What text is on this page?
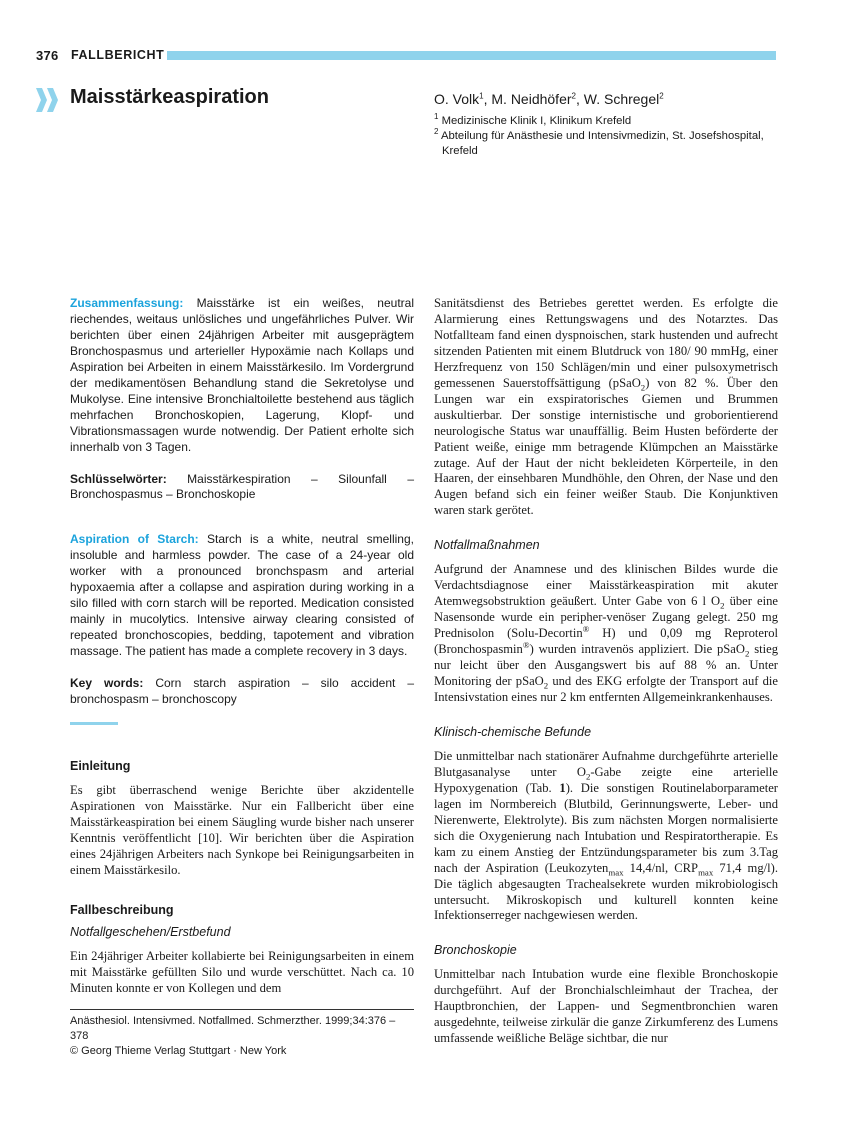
376 FALLBERICHT
Maisstärkeaspiration	O. Volk$^1$, M. Neidhöfer$^2$, W. Schregel$^2$
$^1$ Medizinische Klinik I, Klinikum Krefeld
$^2$ Abteilung für Anästhesie und Intensivmedizin, St. Josefshospital, Krefeld

Zusammenfassung: Maisstärke ist ein weißes, neutral riechendes, weitaus unlösliches und ungefährliches Pulver. Wir berichten über einen 24jährigen Arbeiter mit ausgeprägtem Bronchospasmus und arterieller Hypoxämie nach Kollaps und Aspiration bei Arbeiten in einem Maisstärkesilo. Im Vordergrund der medikamentösen Behandlung stand die Sekretolyse und Mukolyse. Eine intensive Bronchialtoilette bestehend aus täglich mehrfachen Bronchoskopien, Lagerung, Klopf- und Vibrationsmassagen wurde notwendig. Der Patient erholte sich innerhalb von 3 Tagen.

Schlüsselwörter: Maisstärkespiration – Silounfall – Bronchospasmus – Bronchoskopie

Aspiration of Starch: Starch is a white, neutral smelling, insoluble and harmless powder. The case of a 24-year old worker with a pronounced bronchspasm and arterial hypoxaemia after a collapse and aspiration during working in a silo filled with corn starch will be reported. Medication consisted mainly in mucolytics. Intensive airway clearing consisted of repeated bronchoscopies, bedding, tapotement and vibration massage. The patient has made a complete recovery in 3 days.

Key words: Corn starch aspiration – silo accident – bronchospasm – bronchoscopy

Einleitung

Es gibt überraschend wenige Berichte über akzidentelle Aspirationen von Maisstärke. Nur ein Fallbericht über eine Maisstärkeaspiration bei einem Säugling wurde bisher nach unserer Kenntnis veröffentlicht [10]. Wir berichten über die Aspiration eines 24jährigen Arbeiters nach Synkope bei Reinigungsarbeiten in einem Maisstärkesilo.

Fallbeschreibung

Notfallgeschehen/Erstbefund

Ein 24jähriger Arbeiter kollabierte bei Reinigungsarbeiten in einem mit Maisstärke gefüllten Silo und wurde verschüttet. Nach ca. 10 Minuten konnte er von Kollegen und dem

Sanitätsdienst des Betriebes gerettet werden. Es erfolgte die Alarmierung eines Rettungswagens und des Notarztes. Das Notfallteam fand einen dyspnoischen, stark hustenden und aufrecht sitzenden Patienten mit einem Blutdruck von 180/ 90 mmHg, einer Herzfrequenz von 150 Schlägen/min und einer pulsoxymetrisch gemessenen Sauerstoffsättigung (pSaO$_2$) von 82 %. Über den Lungen war ein exspiratorisches Giemen und Brummen auskultierbar. Der sonstige internistische und groborientierend neurologische Status war unauffällig. Beim Husten beförderte der Patient weiße, einige mm betragende Klümpchen an Maisstärke zutage. Auf der Haut der nicht bekleideten Körperteile, in den Haaren, der einsehbaren Mundhöhle, den Ohren, der Nase und den Augen befand sich ein feiner weißer Staub. Die Konjunktiven waren stark gerötet.

Notfallmaßnahmen

Aufgrund der Anamnese und des klinischen Bildes wurde die Verdachtsdiagnose einer Maisstärkeaspiration mit akuter Atemwegsobstruktion geäußert. Unter Gabe von 6 l $O_2$ über eine Nasensonde wurde ein peripher-venöser Zugang gelegt. 250 mg Prednisolon (Solu-Decortin® H) und 0,09 mg Reproterol (Bronchospasmin®) wurden intravenös appliziert. Die pSaO$_2$ stieg nur leicht über den Ausgangswert bis auf 88 % an. Unter Monitoring der pSaO$_2$ und des EKG erfolgte der Transport auf die Intensivstation eines nur 2 km entfernten Allgemeinkrankenhauses.

Klinisch-chemische Befunde

Die unmittelbar nach stationärer Aufnahme durchgeführte arterielle Blutgasanalyse unter $O_2$-Gabe zeigte eine arterielle Hypoxygenation (Tab. 1). Die sonstigen Routinelaborparameter lagen im Normbereich (Blutbild, Gerinnungswerte, Leber- und Nierenwerte, Elektrolyte). Bis zum nächsten Morgen normalisierte sich die Oxygenierung nach Intubation und Respiratortherapie. Es kam zu einem Anstieg der Entzündungsparameter bis zum 3.Tag nach der Aspiration (Leukozyten$_{max}$ 14,4/nl, $CRP_{max}$ 71,4 mg/l). Die täglich abgesaugten Trachealsekrete wurden mikrobiologisch untersucht. Mikroskopisch und kulturell konnten keine Infektionserreger nachgewiesen werden.

Bronchoskopie

Unmittelbar nach Intubation wurde eine flexible Bronchoskopie durchgeführt. Auf der Bronchialschleimhaut der Trachea, der Hauptbronchien, der Lappen- und Segmentbronchien waren ausgedehnte, teilweise zirkulär die ganze Zirkumferenz des Lumens umfassende weißliche Beläge sichtbar, die nur

Anästhesiol. Intensivmed. Notfallmed. Schmerzther. 1999;34:376 – 378
© Georg Thieme Verlag Stuttgart · New York
